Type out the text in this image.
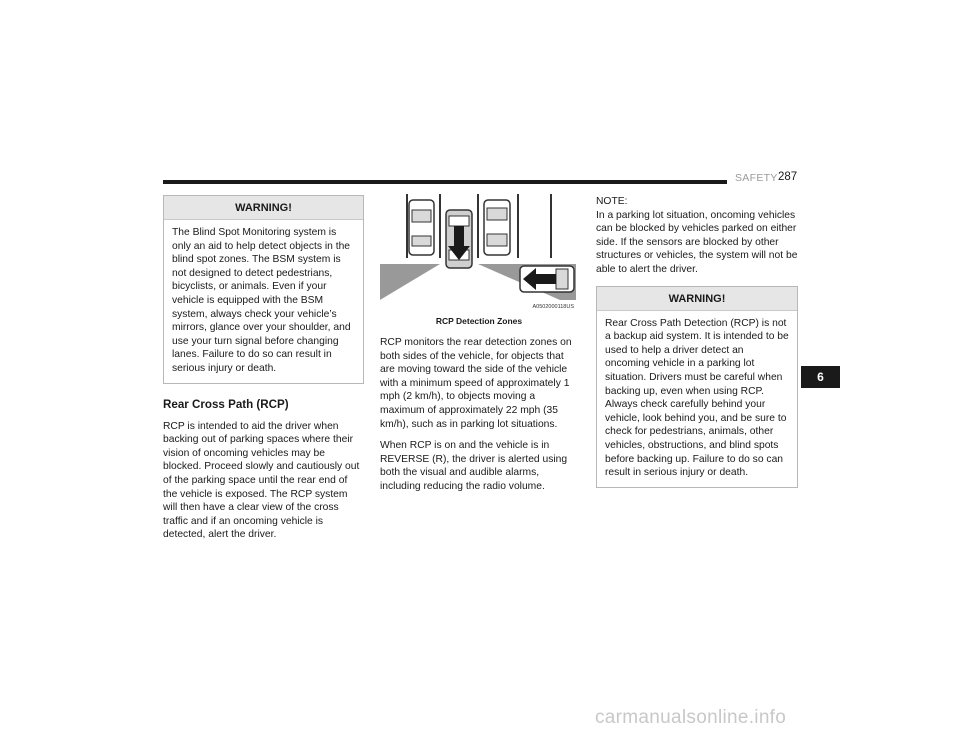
SAFETY 287
WARNING!
The Blind Spot Monitoring system is only an aid to help detect objects in the blind spot zones. The BSM system is not designed to detect pedestrians, bicyclists, or animals. Even if your vehicle is equipped with the BSM system, always check your vehicle’s mirrors, glance over your shoulder, and use your turn signal before changing lanes. Failure to do so can result in serious injury or death.
Rear Cross Path (RCP)

RCP is intended to aid the driver when backing out of parking spaces where their vision of oncoming vehicles may be blocked. Proceed slowly and cautiously out of the parking space until the rear end of the vehicle is exposed. The RCP system will then have a clear view of the cross traffic and if an oncoming vehicle is detected, alert the driver.

A0502000118US
RCP Detection Zones

RCP monitors the rear detection zones on both sides of the vehicle, for objects that are moving toward the side of the vehicle with a minimum speed of approximately 1 mph (2 km/h), to objects moving a maximum of approximately 22 mph (35 km/h), such as in parking lot situations.

When RCP is on and the vehicle is in REVERSE (R), the driver is alerted using both the visual and audible alarms, including reducing the radio volume.

NOTE:

In a parking lot situation, oncoming vehicles can be blocked by vehicles parked on either side. If the sensors are blocked by other structures or vehicles, the system will not be able to alert the driver.

WARNING!
Rear Cross Path Detection (RCP) is not a backup aid system. It is intended to be used to help a driver detect an oncoming vehicle in a parking lot situation. Drivers must be careful when backing up, even when using RCP. Always check carefully behind your vehicle, look behind you, and be sure to check for pedestrians, animals, other vehicles, obstructions, and blind spots before backing up. Failure to do so can result in serious injury or death.
6
carmanualsonline.info
